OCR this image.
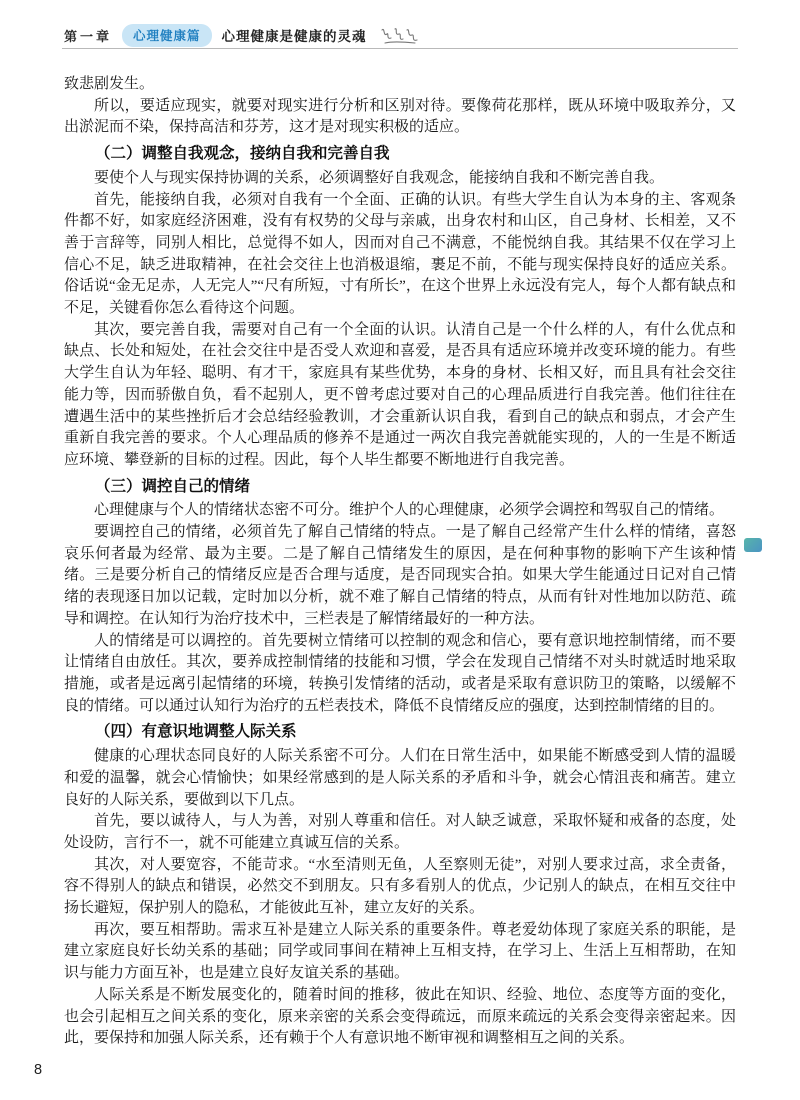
第一章	心理健康篇	心理健康是健康的灵魂

致悲剧发生。

所以，要适应现实，就要对现实进行分析和区别对待。要像荷花那样，既从环境中吸取养分，又出淤泥而不染，保持高洁和芬芳，这才是对现实积极的适应。

（二）调整自我观念，接纳自我和完善自我

要使个人与现实保持协调的关系，必须调整好自我观念，能接纳自我和不断完善自我。

首先，能接纳自我，必须对自我有一个全面、正确的认识。有些大学生自认为本身的主、客观条件都不好，如家庭经济困难，没有有权势的父母与亲戚，出身农村和山区，自己身材、长相差，又不善于言辞等，同别人相比，总觉得不如人，因而对自己不满意，不能悦纳自我。其结果不仅在学习上信心不足，缺乏进取精神，在社会交往上也消极退缩，裹足不前，不能与现实保持良好的适应关系。俗话说“金无足赤，人无完人”“尺有所短，寸有所长”，在这个世界上永远没有完人，每个人都有缺点和不足，关键看你怎么看待这个问题。

其次，要完善自我，需要对自己有一个全面的认识。认清自己是一个什么样的人，有什么优点和缺点、长处和短处，在社会交往中是否受人欢迎和喜爱，是否具有适应环境并改变环境的能力。有些大学生自认为年轻、聪明、有才干，家庭具有某些优势，本身的身材、长相又好，而且具有社会交往能力等，因而骄傲自负，看不起别人，更不曾考虑过要对自己的心理品质进行自我完善。他们往往在遭遇生活中的某些挫折后才会总结经验教训，才会重新认识自我，看到自己的缺点和弱点，才会产生重新自我完善的要求。个人心理品质的修养不是通过一两次自我完善就能实现的，人的一生是不断适应环境、攀登新的目标的过程。因此，每个人毕生都要不断地进行自我完善。

（三）调控自己的情绪

心理健康与个人的情绪状态密不可分。维护个人的心理健康，必须学会调控和驾驭自己的情绪。

要调控自己的情绪，必须首先了解自己情绪的特点。一是了解自己经常产生什么样的情绪，喜怒哀乐何者最为经常、最为主要。二是了解自己情绪发生的原因，是在何种事物的影响下产生该种情绪。三是要分析自己的情绪反应是否合理与适度，是否同现实合拍。如果大学生能通过日记对自己情绪的表现逐日加以记载，定时加以分析，就不难了解自己情绪的特点，从而有针对性地加以防范、疏导和调控。在认知行为治疗技术中，三栏表是了解情绪最好的一种方法。

人的情绪是可以调控的。首先要树立情绪可以控制的观念和信心，要有意识地控制情绪，而不要让情绪自由放任。其次，要养成控制情绪的技能和习惯，学会在发现自己情绪不对头时就适时地采取措施，或者是远离引起情绪的环境，转换引发情绪的活动，或者是采取有意识防卫的策略，以缓解不良的情绪。可以通过认知行为治疗的五栏表技术，降低不良情绪反应的强度，达到控制情绪的目的。

（四）有意识地调整人际关系

健康的心理状态同良好的人际关系密不可分。人们在日常生活中，如果能不断感受到人情的温暖和爱的温馨，就会心情愉快；如果经常感到的是人际关系的矛盾和斗争，就会心情沮丧和痛苦。建立良好的人际关系，要做到以下几点。

首先，要以诚待人，与人为善，对别人尊重和信任。对人缺乏诚意，采取怀疑和戒备的态度，处处设防，言行不一，就不可能建立真诚互信的关系。

其次，对人要宽容，不能苛求。“水至清则无鱼，人至察则无徒”，对别人要求过高，求全责备，容不得别人的缺点和错误，必然交不到朋友。只有多看别人的优点，少记别人的缺点，在相互交往中扬长避短，保护别人的隐私，才能彼此互补，建立友好的关系。

再次，要互相帮助。需求互补是建立人际关系的重要条件。尊老爱幼体现了家庭关系的职能，是建立家庭良好长幼关系的基础；同学或同事间在精神上互相支持，在学习上、生活上互相帮助，在知识与能力方面互补，也是建立良好友谊关系的基础。

人际关系是不断发展变化的，随着时间的推移，彼此在知识、经验、地位、态度等方面的变化，也会引起相互之间关系的变化，原来亲密的关系会变得疏远，而原来疏远的关系会变得亲密起来。因此，要保持和加强人际关系，还有赖于个人有意识地不断审视和调整相互之间的关系。

8
